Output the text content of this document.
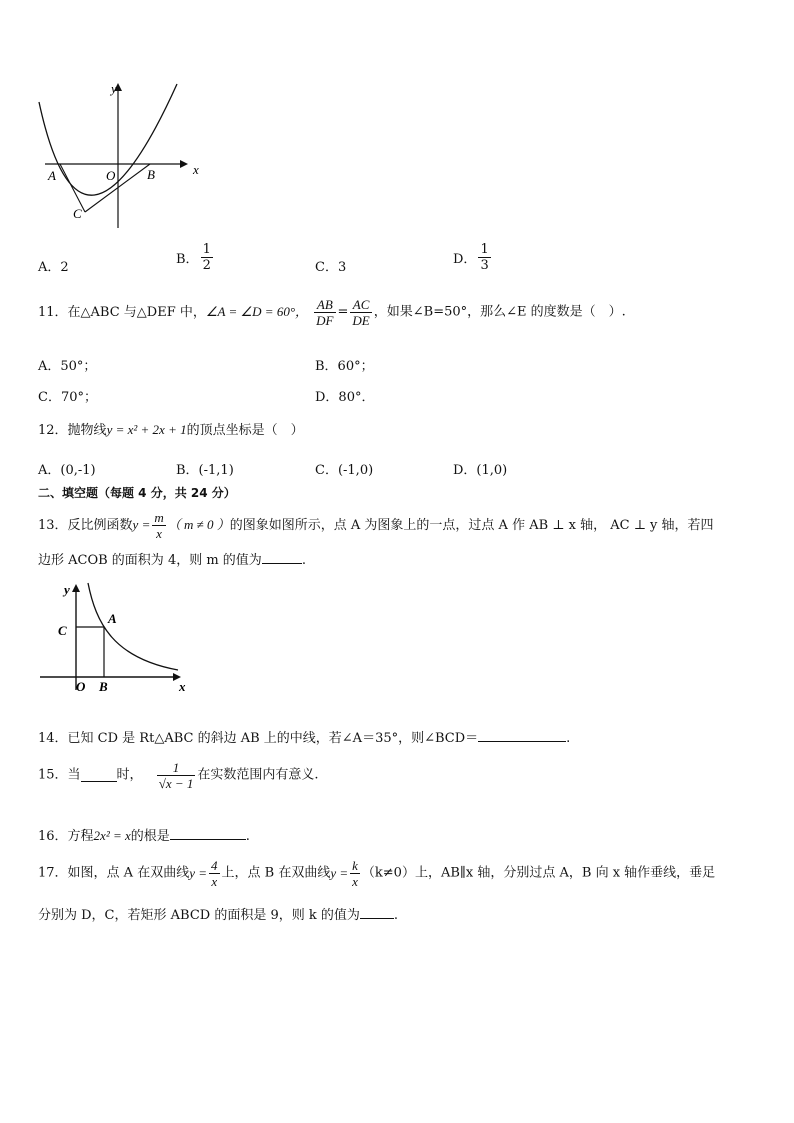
x
y
A	O B
C
A．2
B． $\frac{1}{2}$	C．3
D． $\frac{1}{3}$
11．在△ABC 与△DEF 中，∠A = ∠D = 60°， $\frac{AB}{DF} = \frac{AC}{DE}$ ，如果∠B=50°，那么∠E 的度数是（　）.
A．50°；	B．60°；
C．70°；	D．80°．
12．抛物线y = x² + 2x + 1的顶点坐标是（　）
A．(0,-1)	B．(-1,1)	C．(-1,0)	D．(1,0)
二、填空题（每题 4 分，共 24 分）
13．反比例函数$y = \frac{m}{x}$ （ m ≠ 0 ）的图象如图所示，点 A 为图象上的一点，过点 A 作 AB ⊥ x 轴， AC ⊥ y 轴，若四
边形 ACOB 的面积为 4，则 m 的值为	.
y
x
C
A
O B
14．已知 CD 是 Rt△ABC 的斜边 AB 上的中线，若∠A＝35°，则∠BCD＝	.
15．当	时， $\frac{1}{√x - 1}$ 在实数范围内有意义.
16．方程2x² = x的根是	.
17．如图，点 A 在双曲线$y = \frac{4}{x}$ 上，点 B 在双曲线$y = \frac{k}{x} (k\ne 0)$上，AB∥x 轴，分别过点 A，B 向 x 轴作垂线，垂足
分别为 D，C，若矩形 ABCD 的面积是 9，则 k 的值为	.
